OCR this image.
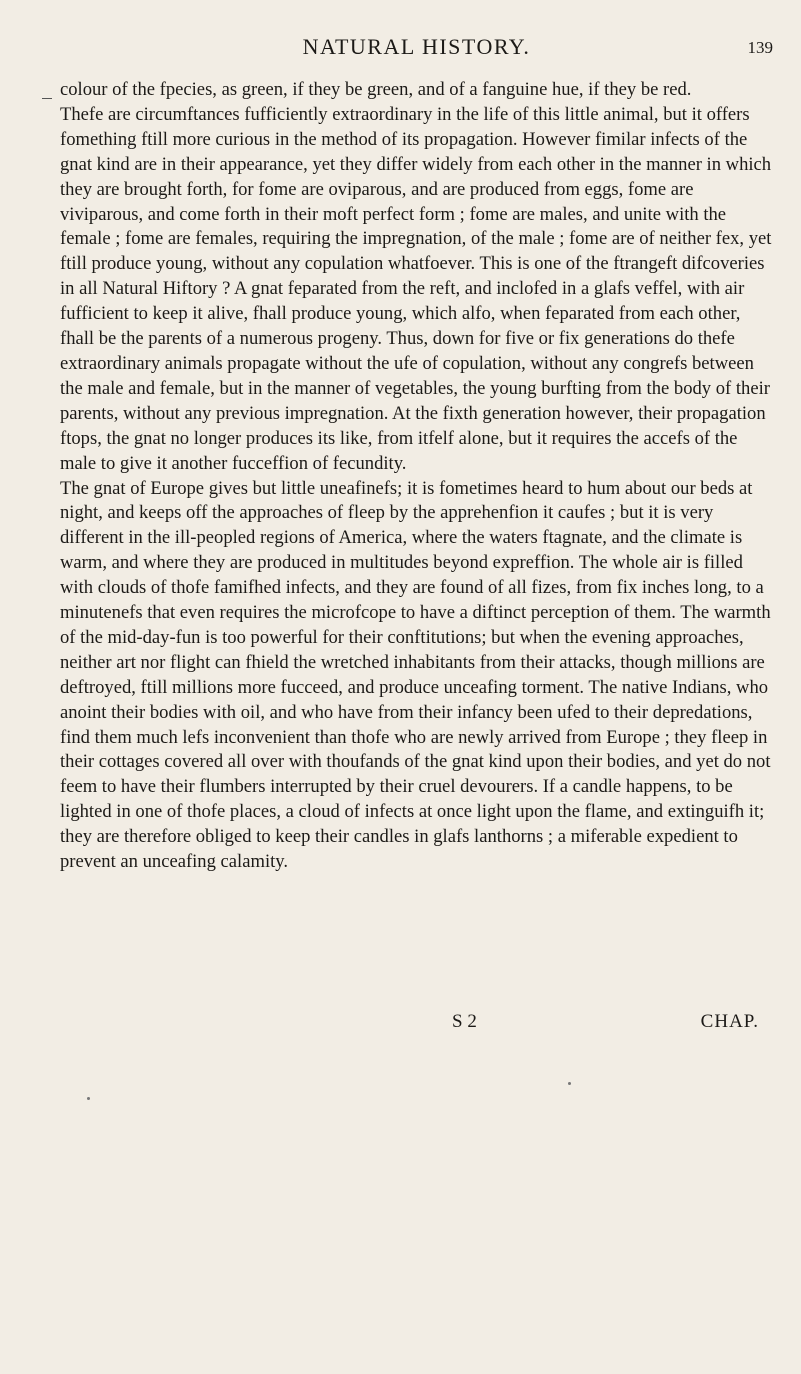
NATURAL HISTORY.	139

colour of the fpecies, as green, if they be green, and of a fanguine hue, if they be red.

Thefe are circumftances fufficiently extraordinary in the life of this little animal, but it offers fomething ftill more curious in the method of its propagation. However fimilar infects of the gnat kind are in their appearance, yet they differ widely from each other in the manner in which they are brought forth, for fome are oviparous, and are produced from eggs, fome are viviparous, and come forth in their moft perfect form ; fome are males, and unite with the female ; fome are females, requiring the impregnation, of the male ; fome are of neither fex, yet ftill produce young, without any copulation whatfoever. This is one of the ftrangeft difcoveries in all Natural Hiftory ? A gnat feparated from the reft, and inclofed in a glafs veffel, with air fufficient to keep it alive, fhall produce young, which alfo, when feparated from each other, fhall be the parents of a numerous progeny. Thus, down for five or fix generations do thefe extraordinary animals propagate without the ufe of copulation, without any congrefs between the male and female, but in the manner of vegetables, the young burfting from the body of their parents, without any previous impregnation. At the fixth generation however, their propagation ftops, the gnat no longer produces its like, from itfelf alone, but it requires the accefs of the male to give it another fucceffion of fecundity.

The gnat of Europe gives but little uneafinefs; it is fometimes heard to hum about our beds at night, and keeps off the approaches of fleep by the apprehenfion it caufes ; but it is very different in the ill-peopled regions of America, where the waters ftagnate, and the climate is warm, and where they are produced in multitudes beyond expreffion. The whole air is filled with clouds of thofe famifhed infects, and they are found of all fizes, from fix inches long, to a minutenefs that even requires the microfcope to have a diftinct perception of them. The warmth of the mid-day-fun is too powerful for their conftitutions; but when the evening approaches, neither art nor flight can fhield the wretched inhabitants from their attacks, though millions are deftroyed, ftill millions more fucceed, and produce unceafing torment. The native Indians, who anoint their bodies with oil, and who have from their infancy been ufed to their depredations, find them much lefs inconvenient than thofe who are newly arrived from Europe ; they fleep in their cottages covered all over with thoufands of the gnat kind upon their bodies, and yet do not feem to have their flumbers interrupted by their cruel devourers. If a candle happens, to be lighted in one of thofe places, a cloud of infects at once light upon the flame, and extinguifh it; they are therefore obliged to keep their candles in glafs lanthorns ; a miferable expedient to prevent an unceafing calamity.

S 2	CHAP.
